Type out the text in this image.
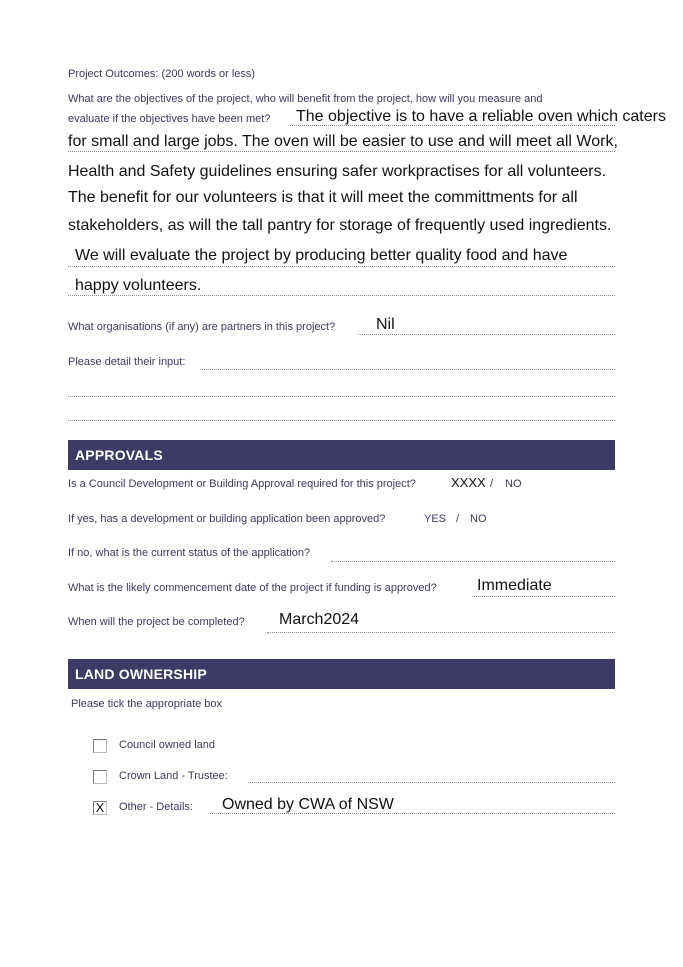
Project Outcomes: (200 words or less)
What are the objectives of the project, who will benefit from the project, how will you measure and
evaluate if the objectives have been met? The objective is to have a reliable oven which caters
for small and large jobs. The oven will be easier to use and will meet all Work,
Health and Safety guidelines ensuring safer workpractises for all volunteers.
The benefit for our volunteers is that it will meet the committments for all
stakeholders, as will the tall pantry for storage of frequently used ingredients.
We will evaluate the project by producing better quality food and have
happy volunteers.
What organisations (if any) are partners in this project?	Nil
Please detail their input:
APPROVALS
Is a Council Development or Building Approval required for this project?	XXXX / NO
If yes, has a development or building application been approved?	YES / NO
If no, what is the current status of the application?
What is the likely commencement date of the project if funding is approved?	Immediate
When will the project be completed? March2024
LAND OWNERSHIP
Please tick the appropriate box
Council owned land
Crown Land - Trustee:
X Other - Details: Owned by CWA of NSW
